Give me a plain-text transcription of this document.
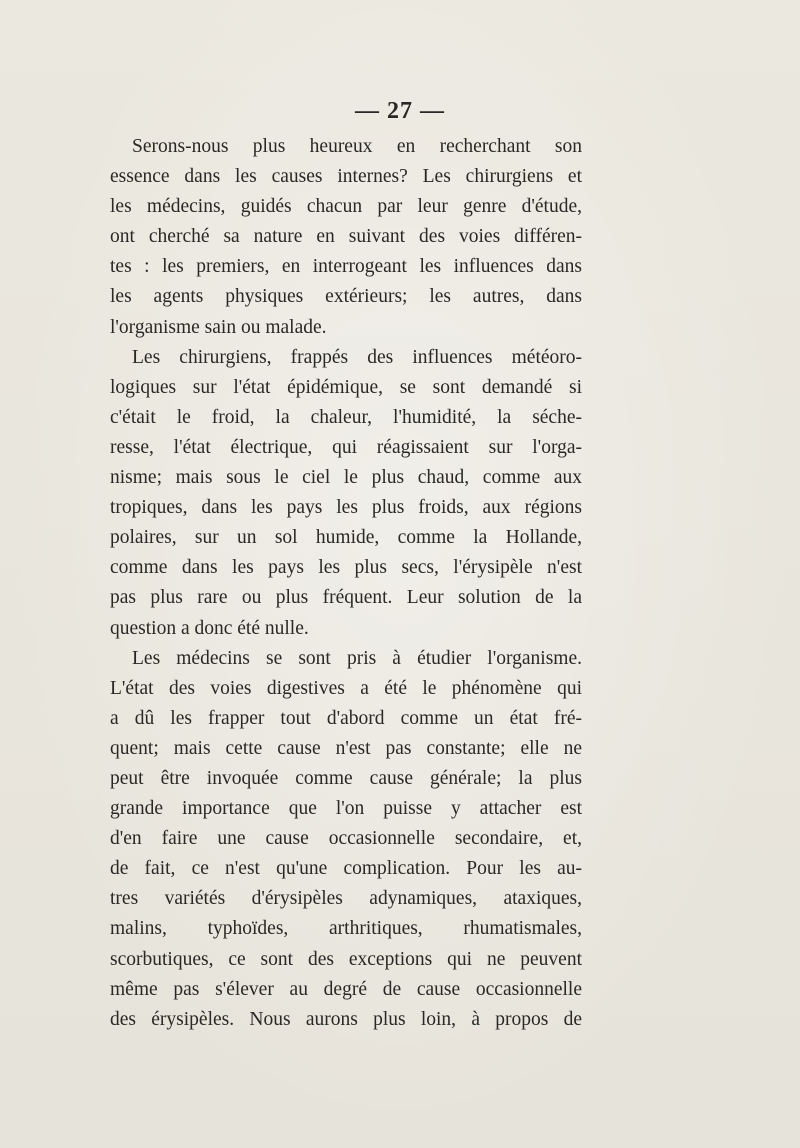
— 27 —
Serons-nous plus heureux en recherchant son
essence dans les causes internes? Les chirurgiens et
les médecins, guidés chacun par leur genre d'étude,
ont cherché sa nature en suivant des voies différen-
tes : les premiers, en interrogeant les influences dans
les agents physiques extérieurs; les autres, dans
l'organisme sain ou malade.
Les chirurgiens, frappés des influences météoro-
logiques sur l'état épidémique, se sont demandé si
c'était le froid, la chaleur, l'humidité, la séche-
resse, l'état électrique, qui réagissaient sur l'orga-
nisme; mais sous le ciel le plus chaud, comme aux
tropiques, dans les pays les plus froids, aux régions
polaires, sur un sol humide, comme la Hollande,
comme dans les pays les plus secs, l'érysipèle n'est
pas plus rare ou plus fréquent. Leur solution de la
question a donc été nulle.
Les médecins se sont pris à étudier l'organisme.
L'état des voies digestives a été le phénomène qui
a dû les frapper tout d'abord comme un état fré-
quent; mais cette cause n'est pas constante; elle ne
peut être invoquée comme cause générale; la plus
grande importance que l'on puisse y attacher est
d'en faire une cause occasionnelle secondaire, et,
de fait, ce n'est qu'une complication. Pour les au-
tres variétés d'érysipèles adynamiques, ataxiques,
malins, typhoïdes, arthritiques, rhumatismales,
scorbutiques, ce sont des exceptions qui ne peuvent
même pas s'élever au degré de cause occasionnelle
des érysipèles. Nous aurons plus loin, à propos de
